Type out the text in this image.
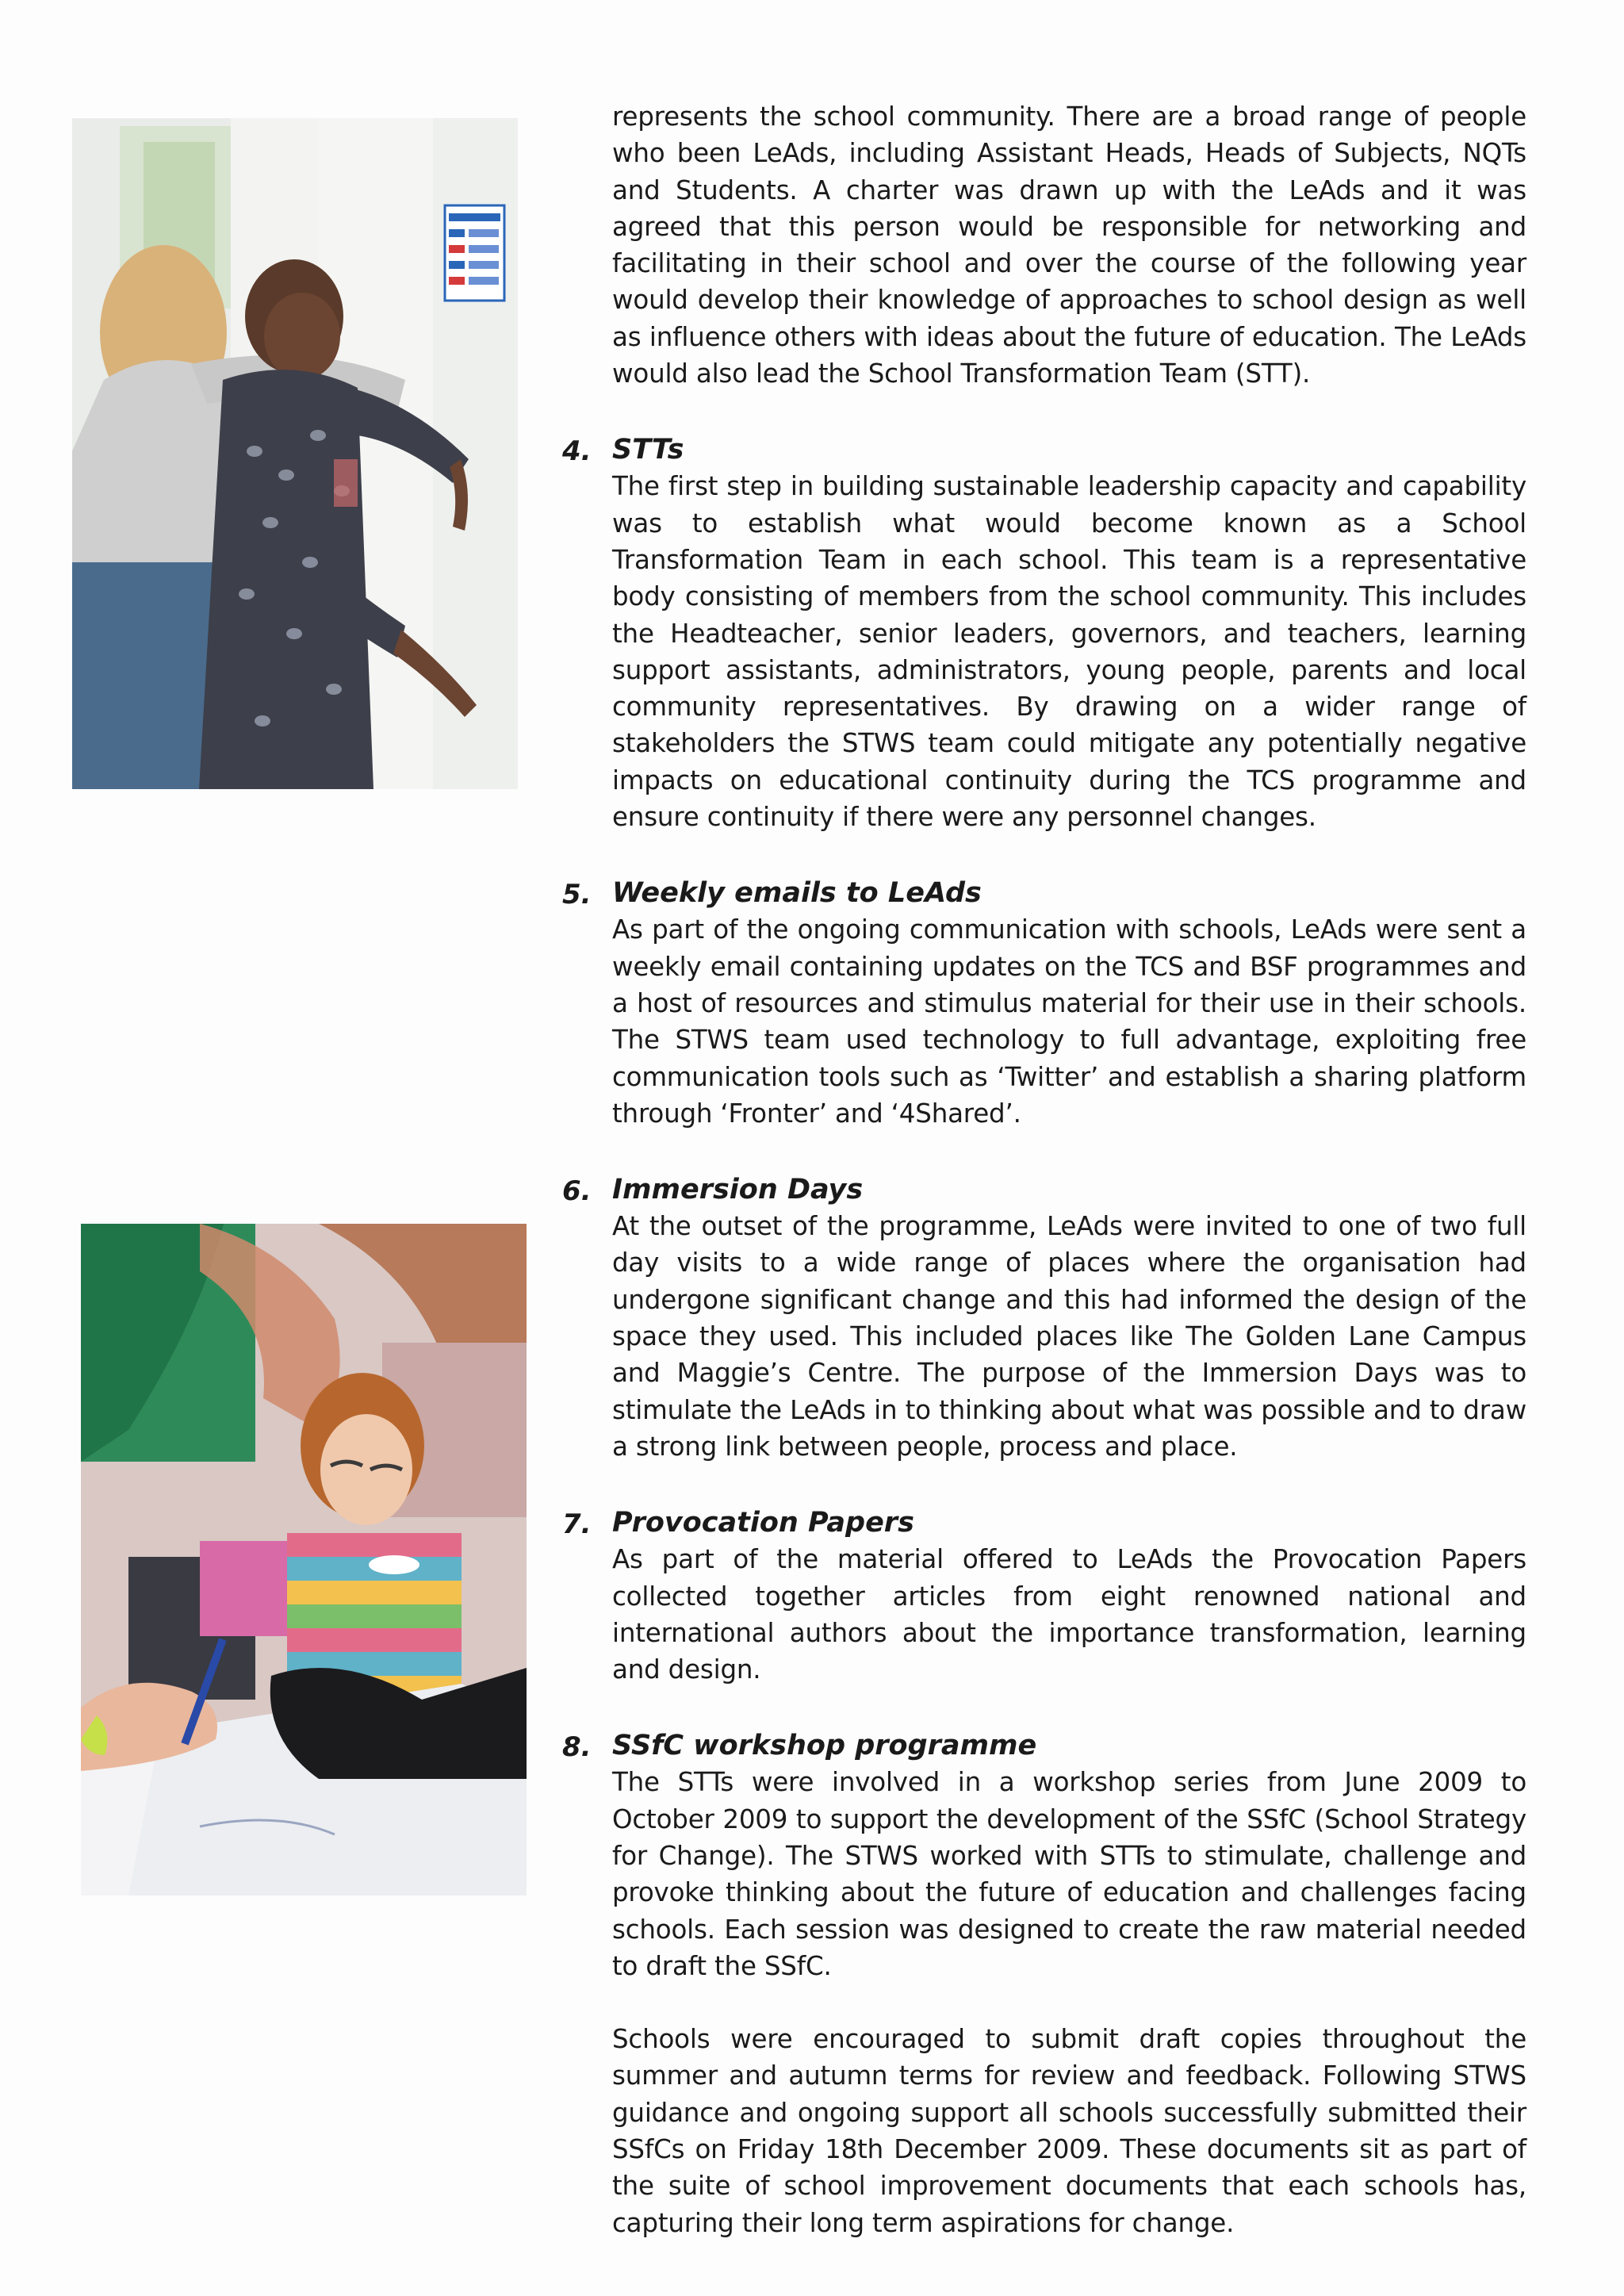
represents the school community. There are a broad range of people who been LeAds, including Assistant Heads, Heads of Subjects, NQTs and Students. A charter was drawn up with the LeAds and it was agreed that this person would be responsible for networking and facilitating in their school and over the course of the following year would develop their knowledge of approaches to school design as well as influence others with ideas about the future of education. The LeAds would also lead the School Transformation Team (STT).

4. STTs

The first step in building sustainable leadership capacity and capability was to establish what would become known as a School Transformation Team in each school. This team is a representative body consisting of members from the school community. This includes the Headteacher, senior leaders, governors, and teachers, learning support assistants, administrators, young people, parents and local community representatives. By drawing on a wider range of stakeholders the STWS team could mitigate any potentially negative impacts on educational continuity during the TCS programme and ensure continuity if there were any personnel changes.

5. Weekly emails to LeAds

As part of the ongoing communication with schools, LeAds were sent a weekly email containing updates on the TCS and BSF programmes and a host of resources and stimulus material for their use in their schools. The STWS team used technology to full advantage, exploiting free communication tools such as ‘Twitter’ and establish a sharing platform through ‘Fronter’ and ‘4Shared’.

6. Immersion Days

At the outset of the programme, LeAds were invited to one of two full day visits to a wide range of places where the organisation had undergone significant change and this had informed the design of the space they used. This included places like The Golden Lane Campus and Maggie’s Centre. The purpose of the Immersion Days was to stimulate the LeAds in to thinking about what was possible and to draw a strong link between people, process and place.

7. Provocation Papers

As part of the material offered to LeAds the Provocation Papers collected together articles from eight renowned national and international authors about the importance transformation, learning and design.

8. SSfC workshop programme

The STTs were involved in a workshop series from June 2009 to October 2009 to support the development of the SSfC (School Strategy for Change). The STWS worked with STTs to stimulate, challenge and provoke thinking about the future of education and challenges facing schools. Each session was designed to create the raw material needed to draft the SSfC.

Schools were encouraged to submit draft copies throughout the summer and autumn terms for review and feedback. Following STWS guidance and ongoing support all schools successfully submitted their SSfCs on Friday 18th December 2009. These documents sit as part of the suite of school improvement documents that each schools has, capturing their long term aspirations for change.
